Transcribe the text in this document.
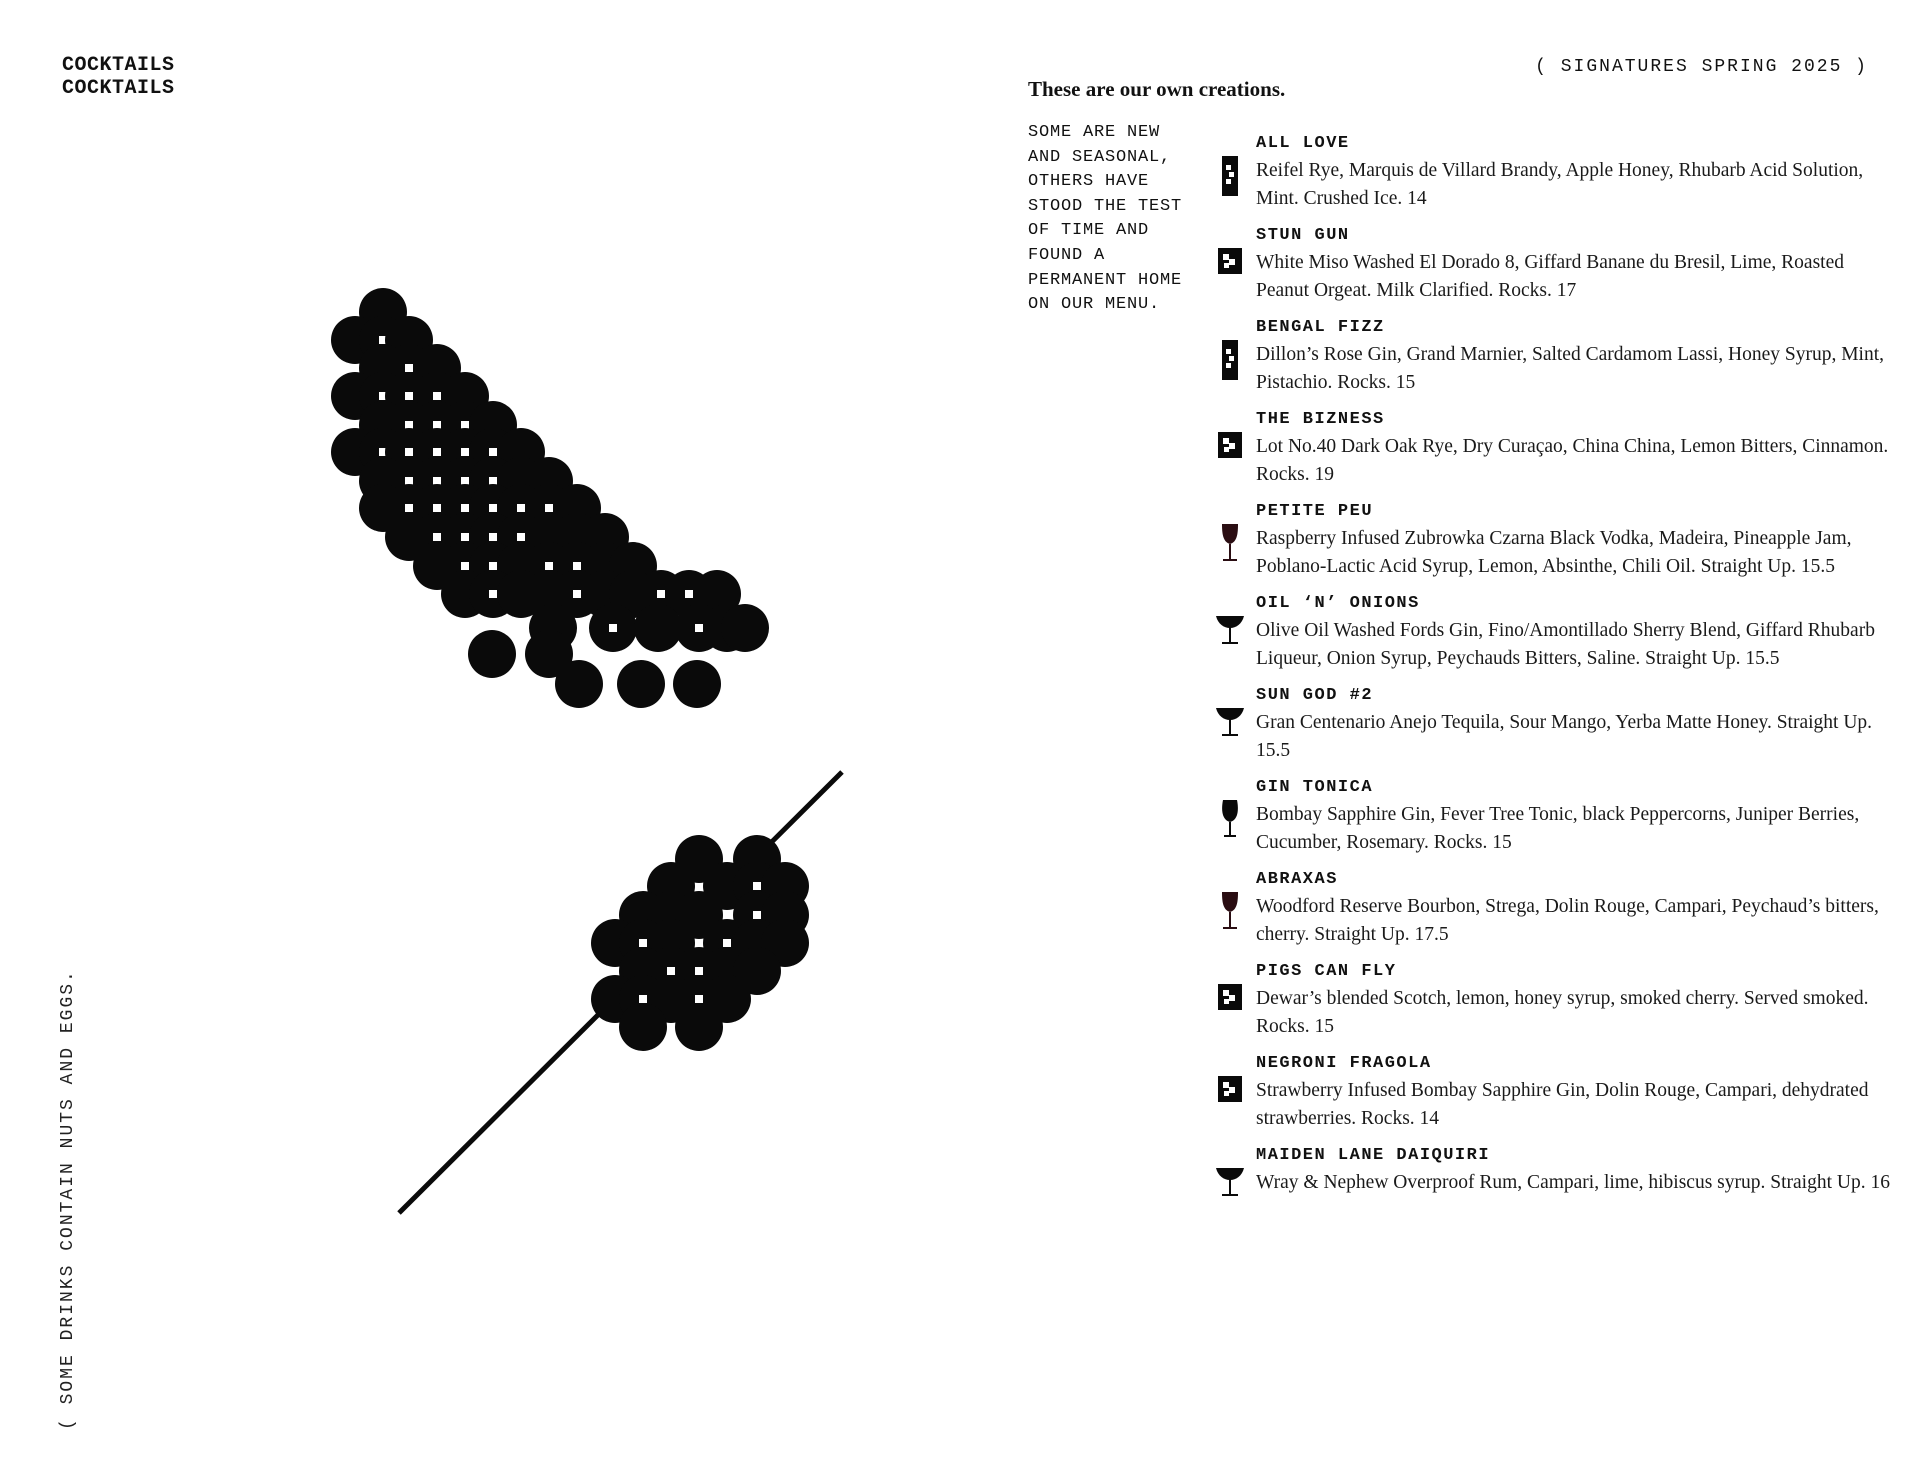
COCKTAILS
COCKTAILS
( SOME DRINKS CONTAIN NUTS AND EGGS.
( SIGNATURES SPRING 2025 )
These are our own creations.
SOME ARE NEW AND SEASONAL, OTHERS HAVE STOOD THE TEST OF TIME AND FOUND A PERMANENT HOME ON OUR MENU.
ALL LOVE
Reifel Rye, Marquis de Villard Brandy, Apple Honey, Rhubarb Acid Solution, Mint. Crushed Ice. 14
STUN GUN
White Miso Washed El Dorado 8, Giffard Banane du Bresil, Lime, Roasted Peanut Orgeat. Milk Clarified. Rocks. 17
BENGAL FIZZ
Dillon’s Rose Gin, Grand Marnier, Salted Cardamom Lassi, Honey Syrup, Mint, Pistachio. Rocks. 15
THE BIZNESS
Lot No.40 Dark Oak Rye, Dry Curaçao, China China, Lemon Bitters, Cinnamon. Rocks. 19
PETITE PEU
Raspberry Infused Zubrowka Czarna Black Vodka, Madeira, Pineapple Jam, Poblano-Lactic Acid Syrup, Lemon, Absinthe, Chili Oil. Straight Up. 15.5
OIL ‘N’ ONIONS
Olive Oil Washed Fords Gin, Fino/Amontillado Sherry Blend, Giffard Rhubarb Liqueur, Onion Syrup, Peychauds Bitters, Saline. Straight Up. 15.5
SUN GOD #2
Gran Centenario Anejo Tequila, Sour Mango, Yerba Matte Honey. Straight Up. 15.5
GIN TONICA
Bombay Sapphire Gin, Fever Tree Tonic, black Peppercorns, Juniper Berries, Cucumber, Rosemary. Rocks. 15
ABRAXAS
Woodford Reserve Bourbon, Strega, Dolin Rouge, Campari, Peychaud’s bitters, cherry. Straight Up. 17.5
PIGS CAN FLY
Dewar’s blended Scotch, lemon, honey syrup, smoked cherry. Served smoked. Rocks. 15
NEGRONI FRAGOLA
Strawberry Infused Bombay Sapphire Gin, Dolin Rouge, Campari, dehydrated strawberries. Rocks. 14
MAIDEN LANE DAIQUIRI
Wray & Nephew Overproof Rum, Campari, lime, hibiscus syrup. Straight Up. 16
